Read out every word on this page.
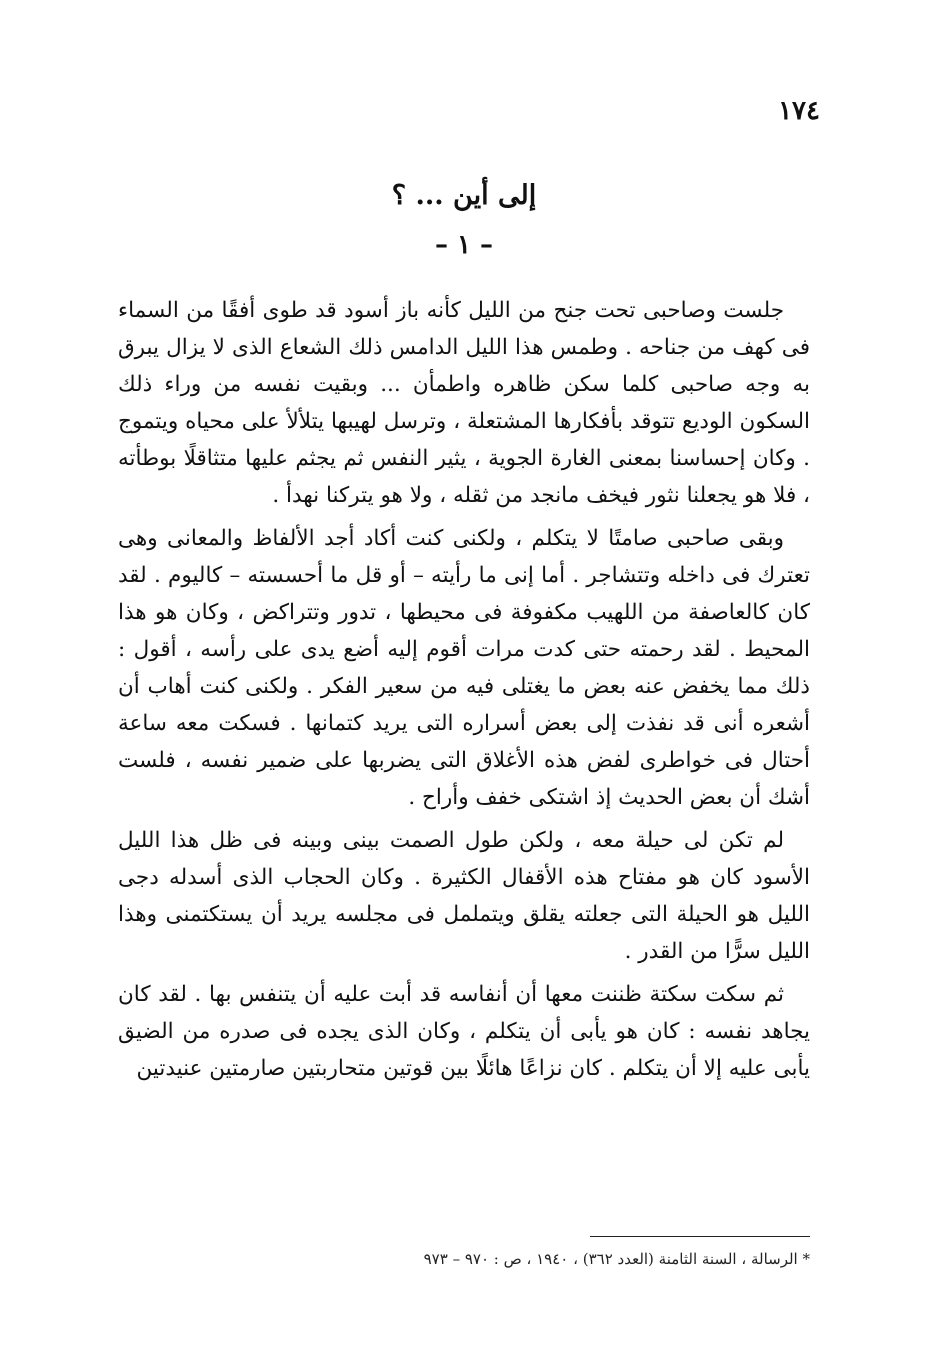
١٧٤
إلى أين ... ؟
– ١ –

جلست وصاحبى تحت جنح من الليل كأنه باز أسود قد طوى أفقًا من السماء فى كهف من جناحه . وطمس هذا الليل الدامس ذلك الشعاع الذى لا يزال يبرق به وجه صاحبى كلما سكن ظاهره واطمأن ... وبقيت نفسه من وراء ذلك السكون الوديع تتوقد بأفكارها المشتعلة ، وترسل لهيبها يتلألأ على محياه ويتموج . وكان إحساسنا بمعنى الغارة الجوية ، يثير النفس ثم يجثم عليها متثاقلًا بوطأته ، فلا هو يجعلنا نثور فيخف مانجد من ثقله ، ولا هو يتركنا نهدأ .

وبقى صاحبى صامتًا لا يتكلم ، ولكنى كنت أكاد أجد الألفاظ والمعانى وهى تعترك فى داخله وتتشاجر . أما إنى ما رأيته – أو قل ما أحسسته – كاليوم . لقد كان كالعاصفة من اللهيب مكفوفة فى محيطها ، تدور وتتراكض ، وكان هو هذا المحيط . لقد رحمته حتى كدت مرات أقوم إليه أضع يدى على رأسه ، أقول : ذلك مما يخفض عنه بعض ما يغتلى فيه من سعير الفكر . ولكنى كنت أهاب أن أشعره أنى قد نفذت إلى بعض أسراره التى يريد كتمانها . فسكت معه ساعة أحتال فى خواطرى لفض هذه الأغلاق التى يضربها على ضمير نفسه ، فلست أشك أن بعض الحديث إذ اشتكى خفف وأراح .

لم تكن لى حيلة معه ، ولكن طول الصمت بينى وبينه فى ظل هذا الليل الأسود كان هو مفتاح هذه الأقفال الكثيرة . وكان الحجاب الذى أسدله دجى الليل هو الحيلة التى جعلته يقلق ويتململ فى مجلسه يريد أن يستكتمنى وهذا الليل سرًّا من القدر .

ثم سكت سكتة ظننت معها أن أنفاسه قد أبت عليه أن يتنفس بها . لقد كان يجاهد نفسه : كان هو يأبى أن يتكلم ، وكان الذى يجده فى صدره من الضيق يأبى عليه إلا أن يتكلم . كان نزاعًا هائلًا بين قوتين متحاربتين صارمتين عنيدتين

* الرسالة ، السنة الثامنة (العدد ٣٦٢) ، ١٩٤٠ ، ص : ٩٧٠ – ٩٧٣
